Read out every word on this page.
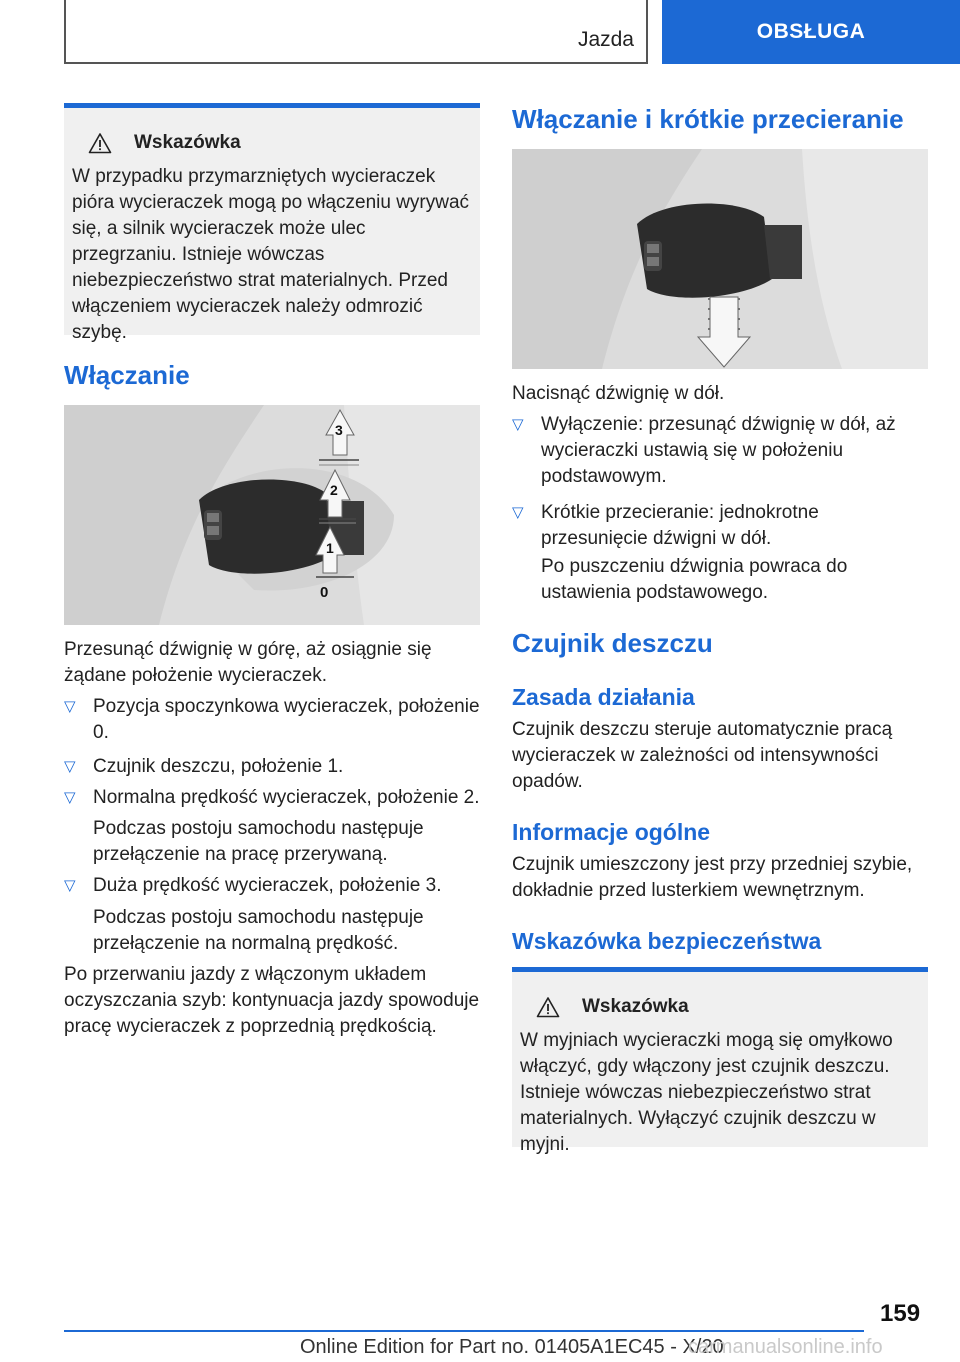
Jazda	OBSŁUGA
Wskazówka
W przypadku przymarzniętych wycieraczek pióra wycieraczek mogą po włączeniu wyrywać się, a silnik wycieraczek może ulec przegrzaniu. Istnieje wówczas niebezpieczeństwo strat materialnych. Przed włączeniem wycieraczek należy odmrozić szybę.
Włączanie
3
2
1
0
Przesunąć dźwignię w górę, aż osiągnie się żądane położenie wycieraczek.
▽ Pozycja spoczynkowa wycieraczek, położenie 0.
▽ Czujnik deszczu, położenie 1.
▽ Normalna prędkość wycieraczek, położenie 2.
Podczas postoju samochodu następuje przełączenie na pracę przerywaną.
▽ Duża prędkość wycieraczek, położenie 3.
Podczas postoju samochodu następuje przełączenie na normalną prędkość.
Po przerwaniu jazdy z włączonym układem oczyszczania szyb: kontynuacja jazdy spowoduje pracę wycieraczek z poprzednią prędkością.
Włączanie i krótkie przecieranie
Nacisnąć dźwignię w dół.
▽ Wyłączenie: przesunąć dźwignię w dół, aż wycieraczki ustawią się w położeniu podstawowym.
▽ Krótkie przecieranie: jednokrotne przesunięcie dźwigni w dół.
Po puszczeniu dźwignia powraca do ustawienia podstawowego.
Czujnik deszczu
Zasada działania
Czujnik deszczu steruje automatycznie pracą wycieraczek w zależności od intensywności opadów.
Informacje ogólne
Czujnik umieszczony jest przy przedniej szybie, dokładnie przed lusterkiem wewnętrznym.
Wskazówka bezpieczeństwa
Wskazówka
W myjniach wycieraczki mogą się omyłkowo włączyć, gdy włączony jest czujnik deszczu. Istnieje wówczas niebezpieczeństwo strat materialnych. Wyłączyć czujnik deszczu w myjni.
159
Online Edition for Part no. 01405A1EC45 - X/20
carmanualsonline.info
